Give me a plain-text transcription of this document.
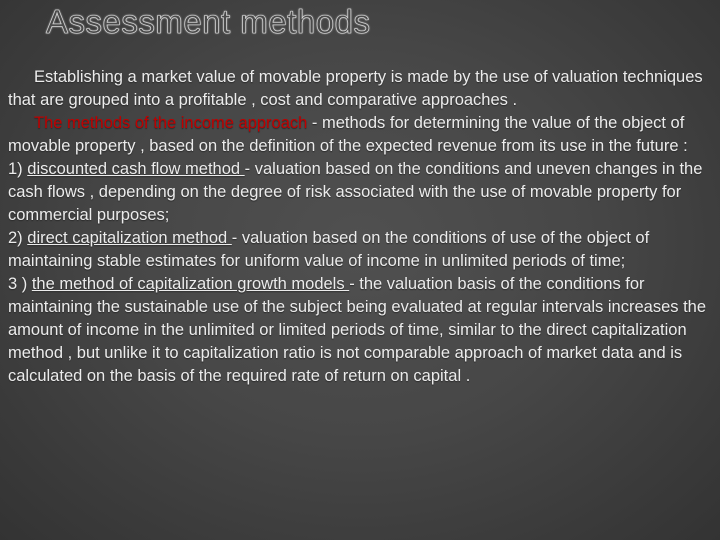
Assessment methods

Establishing a market value of movable property is made by the use of valuation techniques that are grouped into a profitable , cost and comparative approaches .

The methods of the income approach - methods for determining the value of the object of movable property , based on the definition of the expected revenue from its use in the future :

1) discounted cash flow method - valuation based on the conditions and uneven changes in the cash flows , depending on the degree of risk associated with the use of movable property for commercial purposes;

2) direct capitalization method - valuation based on the conditions of use of the object of maintaining stable estimates for uniform value of income in unlimited periods of time;

3 ) the method of capitalization growth models - the valuation basis of the conditions for maintaining the sustainable use of the subject being evaluated at regular intervals increases the amount of income in the unlimited or limited periods of time, similar to the direct capitalization method , but unlike it to capitalization ratio is not comparable approach of market data and is calculated on the basis of the required rate of return on capital .
